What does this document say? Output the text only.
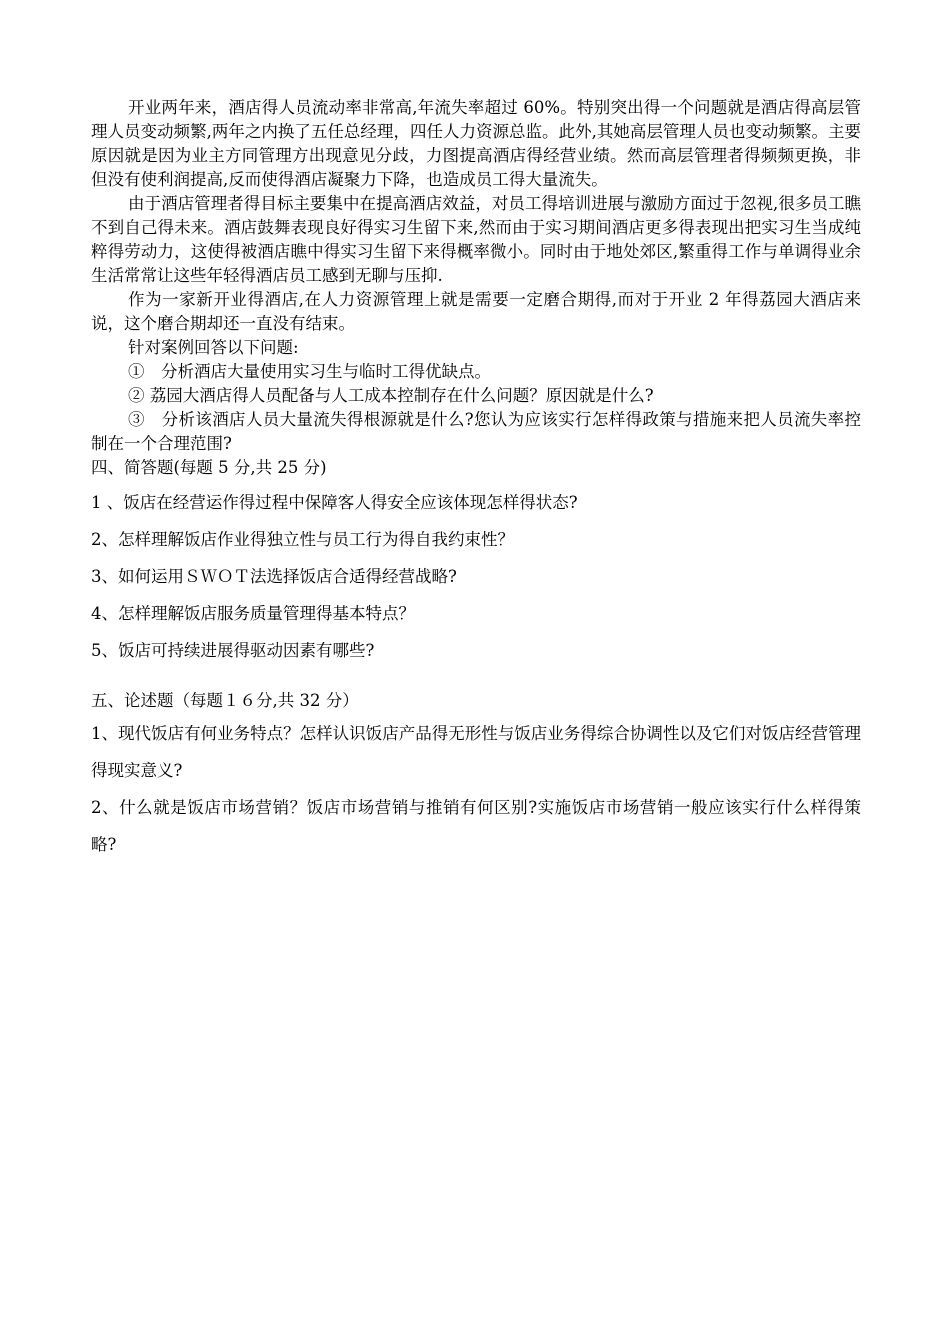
开业两年来，酒店得人员流动率非常高,年流失率超过 60%。特别突出得一个问题就是酒店得高层管理人员变动频繁,两年之内换了五任总经理，四任人力资源总监。此外,其她高层管理人员也变动频繁。主要原因就是因为业主方同管理方出现意见分歧，力图提高酒店得经营业绩。然而高层管理者得频频更换，非但没有使利润提高,反而使得酒店凝聚力下降，也造成员工得大量流失。

由于酒店管理者得目标主要集中在提高酒店效益，对员工得培训进展与激励方面过于忽视,很多员工瞧不到自己得未来。酒店鼓舞表现良好得实习生留下来,然而由于实习期间酒店更多得表现出把实习生当成纯粹得劳动力，这使得被酒店瞧中得实习生留下来得概率微小。同时由于地处郊区,繁重得工作与单调得业余生活常常让这些年轻得酒店员工感到无聊与压抑.

作为一家新开业得酒店,在人力资源管理上就是需要一定磨合期得,而对于开业 2 年得荔园大酒店来说，这个磨合期却还一直没有结束。

针对案例回答以下问题:

①　分析酒店大量使用实习生与临时工得优缺点。

② 荔园大酒店得人员配备与人工成本控制存在什么问题？原因就是什么?

③　分析该酒店人员大量流失得根源就是什么?您认为应该实行怎样得政策与措施来把人员流失率控制在一个合理范围?

四、简答题(每题 5 分,共 25 分)

1 、饭店在经营运作得过程中保障客人得安全应该体现怎样得状态?
2、怎样理解饭店作业得独立性与员工行为得自我约束性？
3、如何运用ＳＷＯＴ法选择饭店合适得经营战略?
4、怎样理解饭店服务质量管理得基本特点？
5、饭店可持续进展得驱动因素有哪些?

五、论述题（每题１６分,共 32 分）

1、现代饭店有何业务特点？怎样认识饭店产品得无形性与饭店业务得综合协调性以及它们对饭店经营管理得现实意义?
2、什么就是饭店市场营销？饭店市场营销与推销有何区别?实施饭店市场营销一般应该实行什么样得策略?
